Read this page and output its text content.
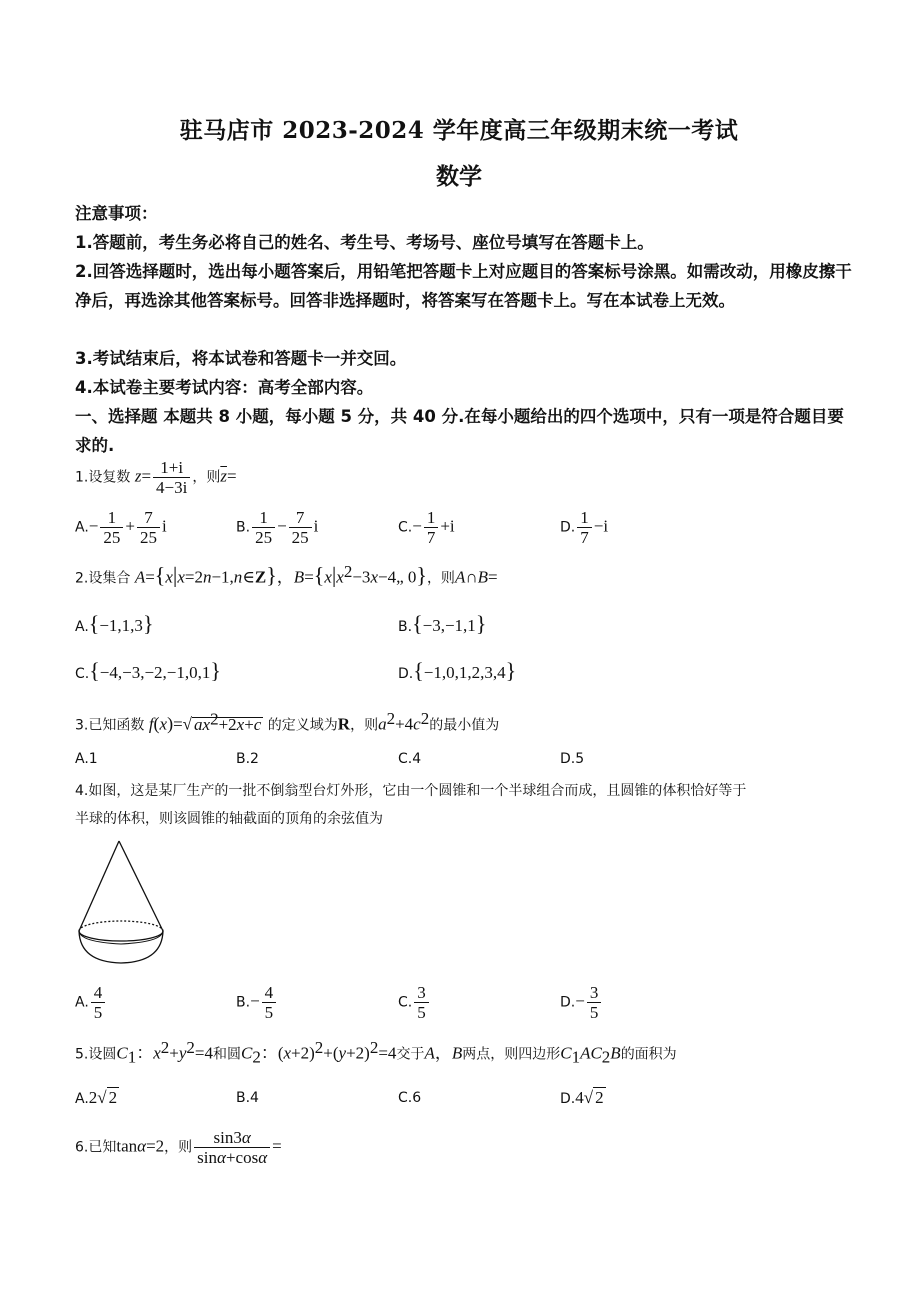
驻马店市 2023-2024 学年度高三年级期末统一考试
数学
注意事项：
1.答题前，考生务必将自己的姓名、考生号、考场号、座位号填写在答题卡上。
2.回答选择题时，选出每小题答案后，用铅笔把答题卡上对应题目的答案标号涂黑。如需改动，用橡皮擦干净后，再选涂其他答案标号。回答非选择题时，将答案写在答题卡上。写在本试卷上无效。
3.考试结束后，将本试卷和答题卡一并交回。
4.本试卷主要考试内容：高考全部内容。
一、选择题 本题共 8 小题，每小题 5 分，共 40 分.在每小题给出的四个选项中，只有一项是符合题目要求的.
1.设复数 $z= \frac{1+i}{4-3i}$ ，则$\overline{z}=$
$A.- \frac{1}{25} + \frac{7}{25}$ i	B. $\frac{1}{25} - \frac{7}{25}$ i	$C.- \frac{1}{7} +i$	D. $\frac{1}{7} -i$
2.设集合 A={x|x=2n−1,n∈Z}，$B=\{x|x^2-3x-4„$ 0}，则A∩B=
A.{−1,1,3}	B.{−3,−1,1}
C.{−4,−3,−2,−1,0,1}	D.{−1,0,1,2,3,4}
3.已知函数 f(x)=√ $ax^2+2x+c$ 的定义域为R，则$a^2+4c^2$的最小值为
A.1	B.2	C.4	D.5
4.如图，这是某厂生产的一批不倒翁型台灯外形，它由一个圆锥和一个半球组合而成，且圆锥的体积恰好等于
半球的体积，则该圆锥的轴截面的顶角的余弦值为
A. $\frac{4}{5}$	$B.- \frac{4}{5}$	C. $\frac{3}{5}$	$D.- \frac{3}{5}$
5.设圆$C_1$：$x^2+y^2=4$和圆$C_2$：$(x+2)^2+(y+2)^2=4$交于A，B两点，则四边形$C_1AC_2B$的面积为
A.2√ 2	B.4	C.6	D.4√ 2
6.已知tanα=2，则 $\frac{\sin 3\alpha}{\sin\alpha+\cos\alpha}$ =
